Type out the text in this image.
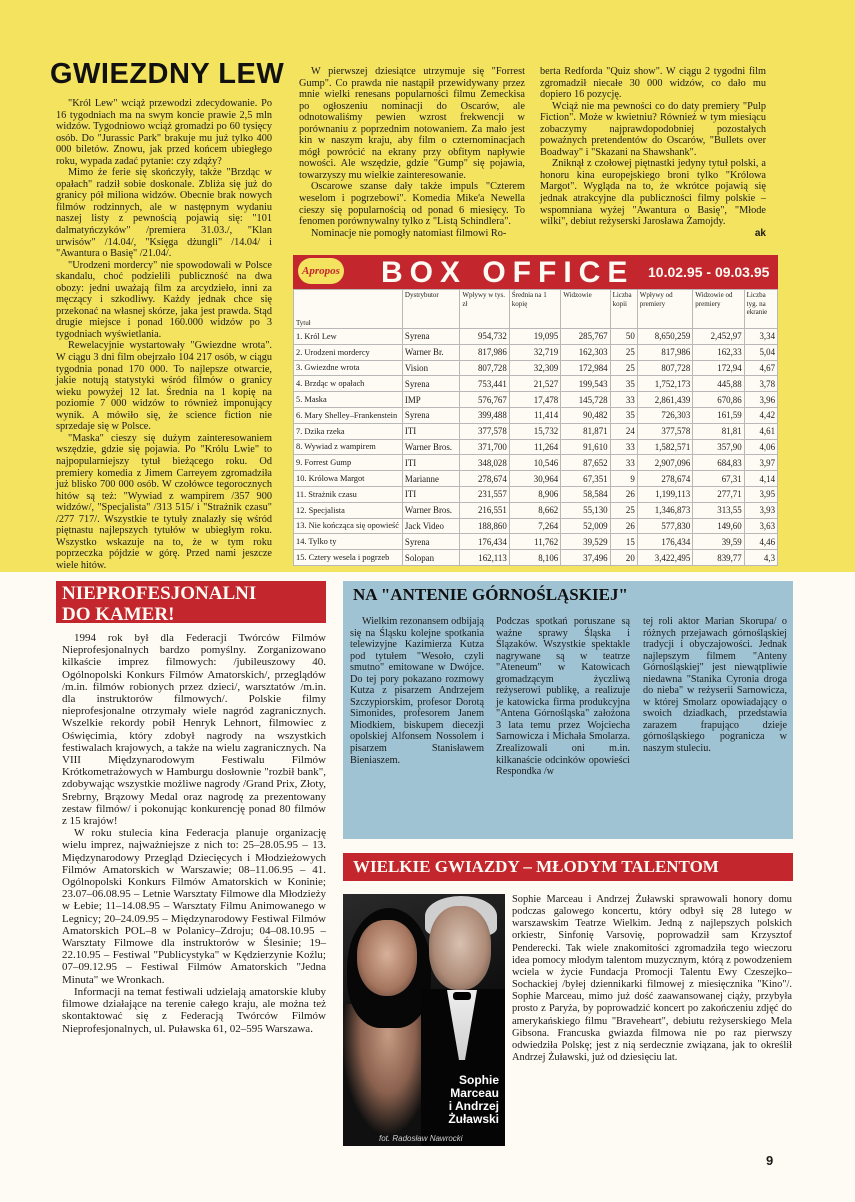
GWIEZDNY LEW

"Król Lew" wciąż przewodzi zdecydowanie. Po 16 tygodniach ma na swym koncie prawie 2,5 mln widzów. Tygodniowo wciąż gromadzi po 60 tysięcy osób. Do "Jurassic Park" brakuje mu już tylko 400 000 biletów. Znowu, jak przed końcem ubiegłego roku, wypada zadać pytanie: czy zdąży?

Mimo że ferie się skończyły, także "Brzdąc w opałach" radził sobie doskonale. Zbliża się już do granicy pół miliona widzów. Obecnie brak nowych filmów rodzinnych, ale w następnym wydaniu naszej listy z pewnością pojawią się: "101 dalmatyńczyków" /premiera 31.03./, "Klan urwisów" /14.04/, "Księga dżungli" /14.04/ i "Awantura o Basię" /21.04/.

"Urodzeni mordercy" nie spowodowali w Polsce skandalu, choć podzielili publiczność na dwa obozy: jedni uważają film za arcydzieło, inni za męczący i szkodliwy. Każdy jednak chce się przekonać na własnej skórze, jaka jest prawda. Stąd drugie miejsce i ponad 160.000 widzów po 3 tygodniach wyświetlania.

Rewelacyjnie wystartowały "Gwiezdne wrota". W ciągu 3 dni film obejrzało 104 217 osób, w ciągu tygodnia ponad 170 000. To najlepsze otwarcie, jakie notują statystyki wśród filmów o granicy wieku powyżej 12 lat. Średnia na 1 kopię na poziomie 7 000 widzów to również imponujący wynik. A mówiło się, że science fiction nie sprzedaje się w Polsce.

"Maska" cieszy się dużym zainteresowaniem wszędzie, gdzie się pojawia. Po "Królu Lwie" to najpopularniejszy tytuł bieżącego roku. Od premiery komedia z Jimem Carreyem zgromadziła już blisko 700 000 osób. W czołówce tegorocznych hitów są też: "Wywiad z wampirem /357 900 widzów/, "Specjalista" /313 515/ i "Strażnik czasu" /277 717/. Wszystkie te tytuły znalazły się wśród piętnastu najlepszych tytułów w ubiegłym roku. Wszystko wskazuje na to, że w tym roku poprzeczka pójdzie w górę. Przed nami jeszcze wiele hitów.

W pierwszej dziesiątce utrzymuje się "Forrest Gump". Co prawda nie nastąpił przewidywany przez mnie wielki renesans popularności filmu Zemeckisa po ogłoszeniu nominacji do Oscarów, ale odnotowaliśmy pewien wzrost frekwencji w porównaniu z poprzednim notowaniem. Za mało jest kin w naszym kraju, aby film o czternominacjach mógł powrócić na ekrany przy obfitym napływie nowości. Ale wszędzie, gdzie "Gump" się pojawia, towarzyszy mu wielkie zainteresowanie.

Oscarowe szanse dały także impuls "Czterem weselom i pogrzebowi". Komedia Mike'a Newella cieszy się popularnością od ponad 6 miesięcy. To fenomen porównywalny tylko z "Listą Schindlera".

Nominacje nie pomogły natomiast filmowi Ro-

berta Redforda "Quiz show". W ciągu 2 tygodni film zgromadził niecałe 30 000 widzów, co dało mu dopiero 16 pozycję.

Wciąż nie ma pewności co do daty premiery "Pulp Fiction". Może w kwietniu? Również w tym miesiącu zobaczymy najprawdopodobniej pozostałych poważnych pretendentów do Oscarów, "Bullets over Boadway" i "Skazani na Shawshank".

Zniknął z czołowej piętnastki jedyny tytuł polski, a honoru kina europejskiego broni tylko "Królowa Margot". Wygląda na to, że wkrótce pojawią się jednak atrakcyjne dla publiczności filmy polskie – wspomniana wyżej "Awantura o Basię", "Młode wilki", debiut reżyserski Jarosława Żamojdy.

ak

Apropos BOX OFFICE 10.02.95 - 09.03.95
Tytuł	Dystrybutor	Wpływy w tys. zł	Średnia na 1 kopię	Widzowie	Liczba kopii	Wpływy od premiery	Widzowie od premiery	Liczba tyg. na ekranie
1. Król Lew	Syrena	954,732	19,095	285,767	50	8,650,259	2,452,97	3,34
2. Urodzeni mordercy	Warner Br.	817,986	32,719	162,303	25	817,986	162,33	5,04
3. Gwiezdne wrota	Vision	807,728	32,309	172,984	25	807,728	172,94	4,67
4. Brzdąc w opałach	Syrena	753,441	21,527	199,543	35	1,752,173	445,88	3,78
5. Maska	IMP	576,767	17,478	145,728	33	2,861,439	670,86	3,96
6. Mary Shelley–Frankenstein	Syrena	399,488	11,414	90,482	35	726,303	161,59	4,42
7. Dzika rzeka	ITI	377,578	15,732	81,871	24	377,578	81,81	4,61
8. Wywiad z wampirem	Warner Bros.	371,700	11,264	91,610	33	1,582,571	357,90	4,06
9. Forrest Gump	ITI	348,028	10,546	87,652	33	2,907,096	684,83	3,97
10. Królowa Margot	Marianne	278,674	30,964	67,351	9	278,674	67,31	4,14
11. Strażnik czasu	ITI	231,557	8,906	58,584	26	1,199,113	277,71	3,95
12. Specjalista	Warner Bros.	216,551	8,662	55,130	25	1,346,873	313,55	3,93
13. Nie kończąca się opowieść	Jack Video	188,860	7,264	52,009	26	577,830	149,60	3,63
14. Tylko ty	Syrena	176,434	11,762	39,529	15	176,434	39,59	4,46
15. Cztery wesela i pogrzeb	Solopan	162,113	8,106	37,496	20	3,422,495	839,77	4,3
NIEPROFESJONALNI
DO KAMER!

1994 rok był dla Federacji Twórców Filmów Nieprofesjonalnych bardzo pomyślny. Zorganizowano kilkaście imprez filmowych: /jubileuszowy 40. Ogólnopolski Konkurs Filmów Amatorskich/, przeglądów /m.in. filmów robionych przez dzieci/, warsztatów /m.in. dla instruktorów filmowych/. Polskie filmy nieprofesjonalne otrzymały wiele nagród zagranicznych. Wszelkie rekordy pobił Henryk Lehnort, filmowiec z Oświęcimia, który zdobył nagrody na wszystkich festiwalach krajowych, a także na wielu zagranicznych. Na VIII Międzynarodowym Festiwalu Filmów Krótkometrażowych w Hamburgu dosłownie "rozbił bank", zdobywając wszystkie możliwe nagrody /Grand Prix, Złoty, Srebrny, Brązowy Medal oraz nagrodę za prezentowany zestaw filmów/ i pokonując konkurencję ponad 80 filmów z 15 krajów!

W roku stulecia kina Federacja planuje organizację wielu imprez, najważniejsze z nich to: 25–28.05.95 – 13. Międzynarodowy Przegląd Dziecięcych i Młodzieżowych Filmów Amatorskich w Warszawie; 08–11.06.95 – 41. Ogólnopolski Konkurs Filmów Amatorskich w Koninie; 23.07–06.08.95 – Letnie Warsztaty Filmowe dla Młodzieży w Łebie; 11–14.08.95 – Warsztaty Filmu Animowanego w Legnicy; 20–24.09.95 – Międzynarodowy Festiwal Filmów Amatorskich POL–8 w Polanicy–Zdroju; 04–08.10.95 – Warsztaty Filmowe dla instruktorów w Ślesinie; 19– 22.10.95 – Festiwal "Publicystyka" w Kędzierzynie Koźlu; 07–09.12.95 – Festiwal Filmów Amatorskich "Jedna Minuta" we Wronkach.

Informacji na temat festiwali udzielają amatorskie kluby filmowe działające na terenie całego kraju, ale można też skontaktować się z Federacją Twórców Filmów Nieprofesjonalnych, ul. Puławska 61, 02–595 Warszawa.

NA "ANTENIE GÓRNOŚLĄSKIEJ"

Wielkim rezonansem odbijają się na Śląsku kolejne spotkania telewizyjne Kazimierza Kutza pod tytułem "Wesoło, czyli smutno" emitowane w Dwójce. Do tej pory pokazano rozmowy Kutza z pisarzem Andrzejem Szczypiorskim, profesor Dorotą Simonides, profesorem Janem Miodkiem, biskupem diecezji opolskiej Alfonsem Nossolem i pisarzem Stanisławem Bieniaszem.

Podczas spotkań poruszane są ważne sprawy Śląska i Ślązaków. Wszystkie spektakle nagrywane są w teatrze "Ateneum" w Katowicach gromadzącym życzliwą reżyserowi publikę, a realizuje je katowicka firma produkcyjna "Antena Górnośląska" założona 3 lata temu przez Wojciecha Sarnowicza i Michała Smolarza. Zrealizowali oni m.in. kilkanaście odcinków opowieści Respondka /w

tej roli aktor Marian Skorupa/ o różnych przejawach górnośląskiej tradycji i obyczajowości. Jednak najlepszym filmem "Anteny Górnośląskiej" jest niewątpliwie niedawna "Stanika Cyronia droga do nieba" w reżyserii Sarnowicza, w której Smolarz opowiadający o swoich dziadkach, przedstawia zarazem frapująco dzieje górnośląskiego pogranicza w naszym stuleciu.

WIELKIE GWIAZDY – MŁODYM TALENTOM
Sophie
Marceau
i Andrzej
Żuławski
fot. Radosław Nawrocki

Sophie Marceau i Andrzej Żuławski sprawowali honory domu podczas galowego koncertu, który odbył się 28 lutego w warszawskim Teatrze Wielkim. Jedną z najlepszych polskich orkiestr, Sinfonię Varsovię, poprowadził sam Krzysztof Penderecki. Tak wiele znakomitości zgromadziła tego wieczoru idea pomocy młodym talentom muzycznym, którą z powodzeniem wciela w życie Fundacja Promocji Talentu Ewy Czeszejko–Sochackiej /byłej dziennikarki filmowej z miesięcznika "Kino"/. Sophie Marceau, mimo już dość zaawansowanej ciąży, przybyła prosto z Paryża, by poprowadzić koncert po zakończeniu zdjęć do amerykańskiego filmu "Braveheart", debiutu reżyserskiego Mela Gibsona. Francuska gwiazda filmowa nie po raz pierwszy odwiedziła Polskę; jest z nią serdecznie związana, jak to określił Andrzej Żuławski, już od dziesięciu lat.

9
